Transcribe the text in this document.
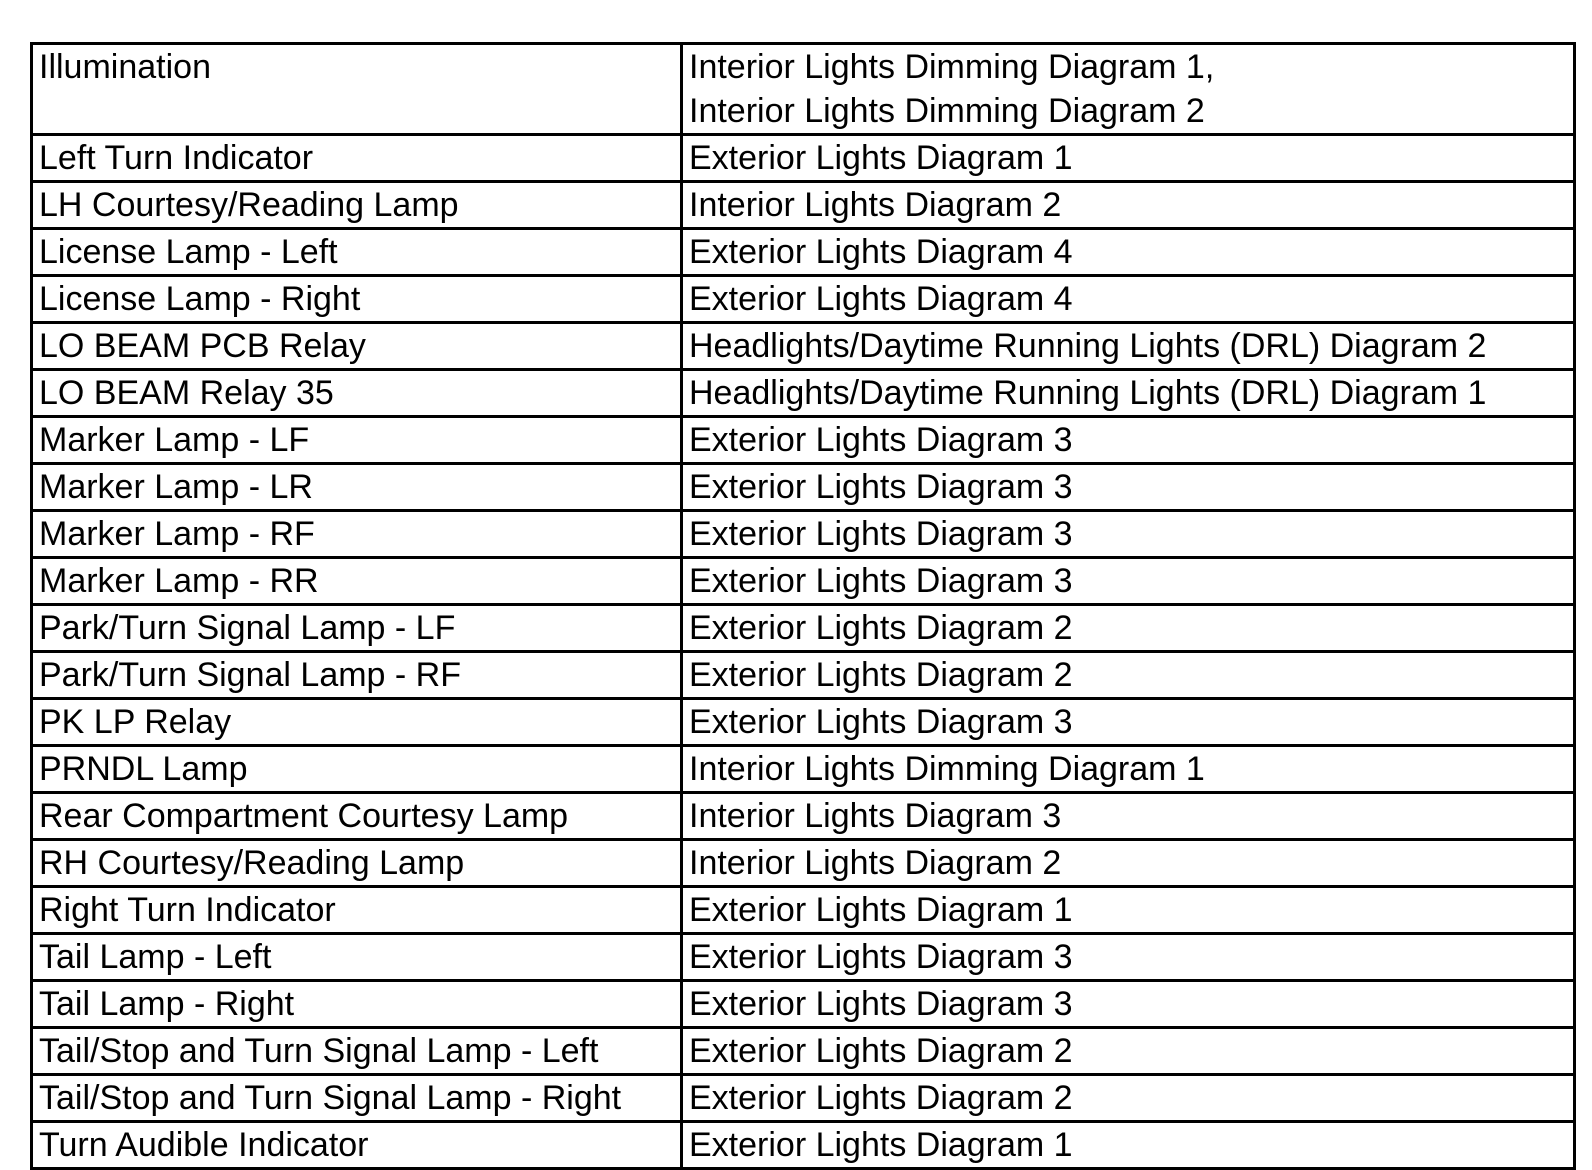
Illumination	Interior Lights Dimming Diagram 1,
Interior Lights Dimming Diagram 2

Left Turn Indicator	Exterior Lights Diagram 1

LH Courtesy/Reading Lamp	Interior Lights Diagram 2

License Lamp - Left	Exterior Lights Diagram 4

License Lamp - Right	Exterior Lights Diagram 4

LO BEAM PCB Relay	Headlights/Daytime Running Lights (DRL) Diagram 2

LO BEAM Relay 35	Headlights/Daytime Running Lights (DRL) Diagram 1

Marker Lamp - LF	Exterior Lights Diagram 3

Marker Lamp - LR	Exterior Lights Diagram 3

Marker Lamp - RF	Exterior Lights Diagram 3

Marker Lamp - RR	Exterior Lights Diagram 3

Park/Turn Signal Lamp - LF	Exterior Lights Diagram 2

Park/Turn Signal Lamp - RF	Exterior Lights Diagram 2

PK LP Relay	Exterior Lights Diagram 3

PRNDL Lamp	Interior Lights Dimming Diagram 1

Rear Compartment Courtesy Lamp	Interior Lights Diagram 3

RH Courtesy/Reading Lamp	Interior Lights Diagram 2

Right Turn Indicator	Exterior Lights Diagram 1

Tail Lamp - Left	Exterior Lights Diagram 3

Tail Lamp - Right	Exterior Lights Diagram 3

Tail/Stop and Turn Signal Lamp - Left	Exterior Lights Diagram 2

Tail/Stop and Turn Signal Lamp - Right	Exterior Lights Diagram 2

Turn Audible Indicator	Exterior Lights Diagram 1
